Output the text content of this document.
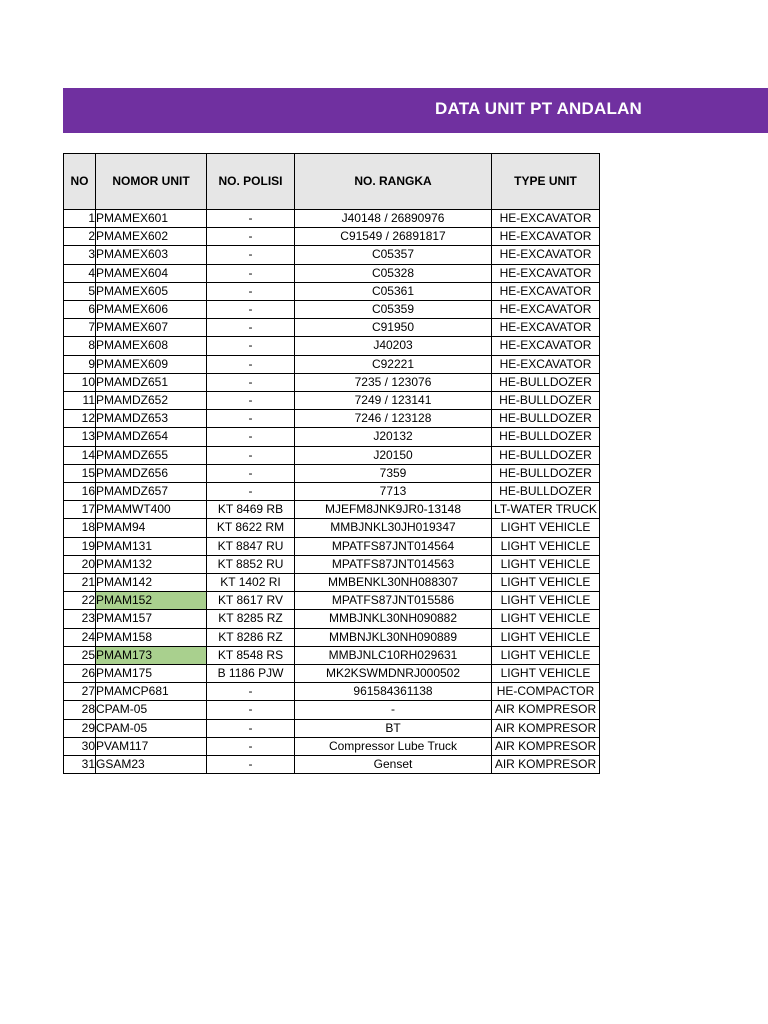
DATA UNIT PT ANDALAN
NO	NOMOR UNIT	NO. POLISI	NO. RANGKA	TYPE UNIT
1	PMAMEX601	-	J40148 / 26890976	HE-EXCAVATOR
2	PMAMEX602	-	C91549 / 26891817	HE-EXCAVATOR
3	PMAMEX603	-	C05357	HE-EXCAVATOR
4	PMAMEX604	-	C05328	HE-EXCAVATOR
5	PMAMEX605	-	C05361	HE-EXCAVATOR
6	PMAMEX606	-	C05359	HE-EXCAVATOR
7	PMAMEX607	-	C91950	HE-EXCAVATOR
8	PMAMEX608	-	J40203	HE-EXCAVATOR
9	PMAMEX609	-	C92221	HE-EXCAVATOR
10	PMAMDZ651	-	7235 / 123076	HE-BULLDOZER
11	PMAMDZ652	-	7249 / 123141	HE-BULLDOZER
12	PMAMDZ653	-	7246 / 123128	HE-BULLDOZER
13	PMAMDZ654	-	J20132	HE-BULLDOZER
14	PMAMDZ655	-	J20150	HE-BULLDOZER
15	PMAMDZ656	-	7359	HE-BULLDOZER
16	PMAMDZ657	-	7713	HE-BULLDOZER
17	PMAMWT400	KT 8469 RB	MJEFM8JNK9JR0-13148	LT-WATER TRUCK
18	PMAM94	KT 8622 RM	MMBJNKL30JH019347	LIGHT VEHICLE
19	PMAM131	KT 8847 RU	MPATFS87JNT014564	LIGHT VEHICLE
20	PMAM132	KT 8852 RU	MPATFS87JNT014563	LIGHT VEHICLE
21	PMAM142	KT 1402 RI	MMBENKL30NH088307	LIGHT VEHICLE
22	PMAM152	KT 8617 RV	MPATFS87JNT015586	LIGHT VEHICLE
23	PMAM157	KT 8285 RZ	MMBJNKL30NH090882	LIGHT VEHICLE
24	PMAM158	KT 8286 RZ	MMBNJKL30NH090889	LIGHT VEHICLE
25	PMAM173	KT 8548 RS	MMBJNLC10RH029631	LIGHT VEHICLE
26	PMAM175	B 1186 PJW	MK2KSWMDNRJ000502	LIGHT VEHICLE
27	PMAMCP681	-	961584361138	HE-COMPACTOR
28	CPAM-05	-	-	AIR KOMPRESOR
29	CPAM-05	-	BT	AIR KOMPRESOR
30	PVAM117	-	Compressor Lube Truck	AIR KOMPRESOR
31	GSAM23	-	Genset	AIR KOMPRESOR
